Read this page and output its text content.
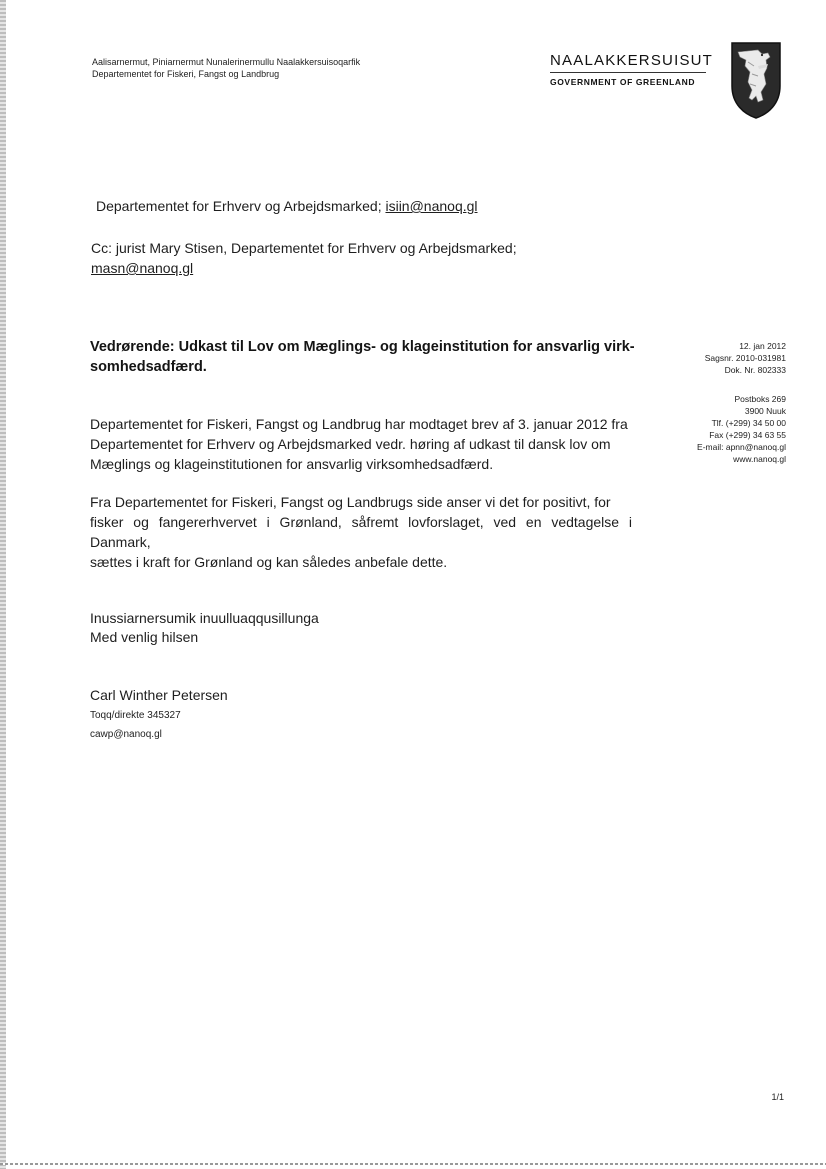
Aalisarnermut, Piniarnermut Nunalerinermullu Naalakkersuisoqarfik
Departementet for Fiskeri, Fangst og Landbrug
NAALAKKERSUISUT
GOVERNMENT OF GREENLAND
Departementet for Erhverv og Arbejdsmarked; isiin@nanoq.gl
Cc: jurist Mary Stisen, Departementet for Erhverv og Arbejdsmarked;
masn@nanoq.gl
Vedrørende: Udkast til Lov om Mæglings- og klageinstitution for ansvarlig virk-
somhedsadfærd.
12. jan 2012
Sagsnr. 2010-031981
Dok. Nr. 802333
Postboks 269
3900 Nuuk
Tlf. (+299) 34 50 00
Fax (+299) 34 63 55
E-mail: apnn@nanoq.gl
www.nanoq.gl
Departementet for Fiskeri, Fangst og Landbrug har modtaget brev af 3. januar 2012 fra
Departementet for Erhverv og Arbejdsmarked vedr. høring af udkast til dansk lov om
Mæglings og klageinstitutionen for ansvarlig virksomhedsadfærd.
Fra Departementet for Fiskeri, Fangst og Landbrugs side anser vi det for positivt, for
fisker og fangererhvervet i Grønland, såfremt lovforslaget, ved en vedtagelse i Danmark,
sættes i kraft for Grønland og kan således anbefale dette.
Inussiarnersumik inuulluaqqusillunga
Med venlig hilsen
Carl Winther Petersen
Toqq/direkte 345327
cawp@nanoq.gl
1/1
